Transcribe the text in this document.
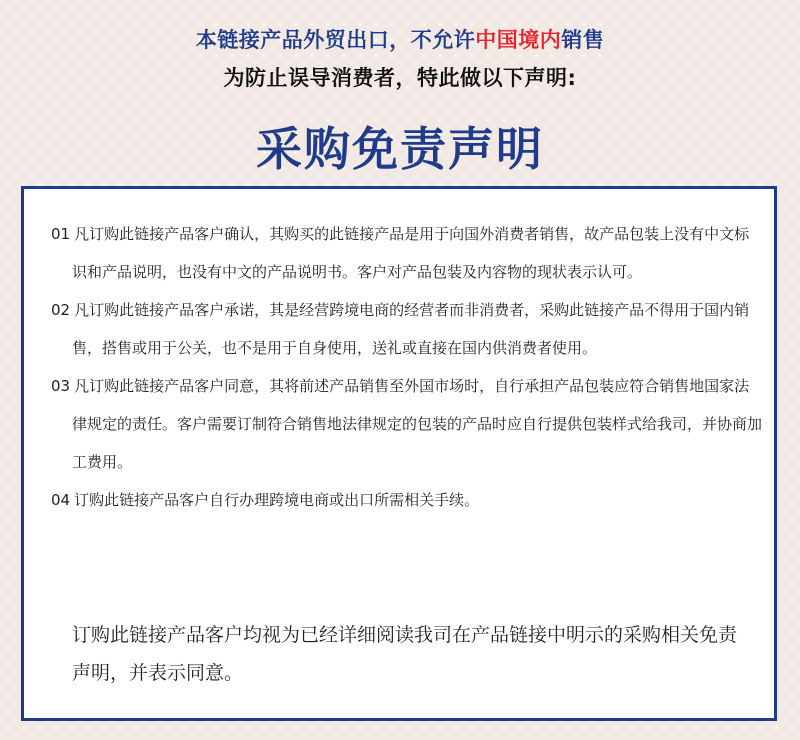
本链接产品外贸出口，不允许中国境内销售
为防止误导消费者，特此做以下声明:
采购免责声明

01 凡订购此链接产品客户确认，其购买的此链接产品是用于向国外消费者销售，故产品包装上没有中文标识和产品说明，也没有中文的产品说明书。客户对产品包装及内容物的现状表示认可。

02 凡订购此链接产品客户承诺，其是经营跨境电商的经营者而非消费者，采购此链接产品不得用于国内销售，搭售或用于公关，也不是用于自身使用，送礼或直接在国内供消费者使用。

03 凡订购此链接产品客户同意，其将前述产品销售至外国市场时，自行承担产品包装应符合销售地国家法律规定的责任。客户需要订制符合销售地法律规定的包装的产品时应自行提供包装样式给我司，并协商加工费用。

04 订购此链接产品客户自行办理跨境电商或出口所需相关手续。

订购此链接产品客户均视为已经详细阅读我司在产品链接中明示的采购相关免责声明，并表示同意。
